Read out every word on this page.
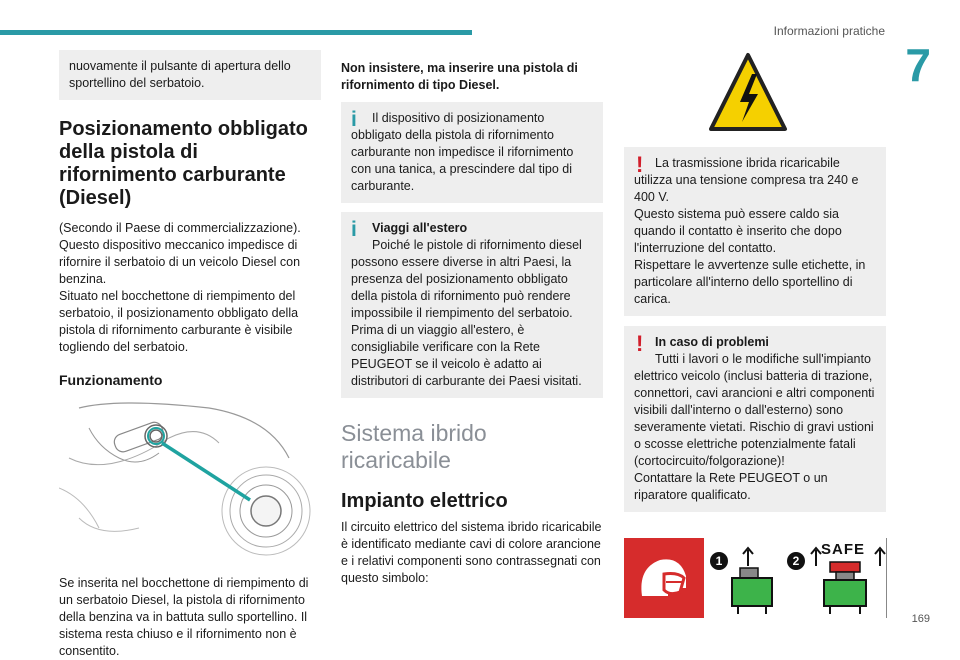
Informazioni pratiche
7
169
nuovamente il pulsante di apertura dello sportellino del serbatoio.
Posizionamento obbligato della pistola di rifornimento carburante (Diesel)

(Secondo il Paese di commercializzazione).

Questo dispositivo meccanico impedisce di rifornire il serbatoio di un veicolo Diesel con benzina.

Situato nel bocchettone di riempimento del serbatoio, il posizionamento obbligato della pistola di rifornimento carburante è visibile togliendo del serbatoio.

Funzionamento

Se inserita nel bocchettone di riempimento di un serbatoio Diesel, la pistola di rifornimento della benzina va in battuta sullo sportellino. Il sistema resta chiuso e il rifornimento non è consentito.

Non insistere, ma inserire una pistola di rifornimento di tipo Diesel.

i	Il dispositivo di posizionamento obbligato della pistola di rifornimento carburante non impedisce il rifornimento con una tanica, a prescindere dal tipo di carburante.
i	Viaggi all'estero
Poiché le pistole di rifornimento diesel possono essere diverse in altri Paesi, la presenza del posizionamento obbligato della pistola di rifornimento può rendere impossibile il riempimento del serbatoio.
Prima di un viaggio all'estero, è consigliabile verificare con la Rete PEUGEOT se il veicolo è adatto ai distributori di carburante dei Paesi visitati.
Sistema ibrido ricaricabile
Impianto elettrico

Il circuito elettrico del sistema ibrido ricaricabile è identificato mediante cavi di colore arancione e i relativi componenti sono contrassegnati con questo simbolo:

! La trasmissione ibrida ricaricabile utilizza una tensione compresa tra 240 e 400 V.
Questo sistema può essere caldo sia quando il contatto è inserito che dopo l'interruzione del contatto.
Rispettare le avvertenze sulle etichette, in particolare all'interno dello sportellino di carica.
! In caso di problemi
Tutti i lavori o le modifiche sull'impianto elettrico veicolo (inclusi batteria di trazione, connettori, cavi arancioni e altri componenti visibili dall'interno o dall'esterno) sono severamente vietati. Rischio di gravi ustioni o scosse elettriche potenzialmente fatali (cortocircuito/folgorazione)!
Contattare la Rete PEUGEOT o un riparatore qualificato.
1	2
SAFE
